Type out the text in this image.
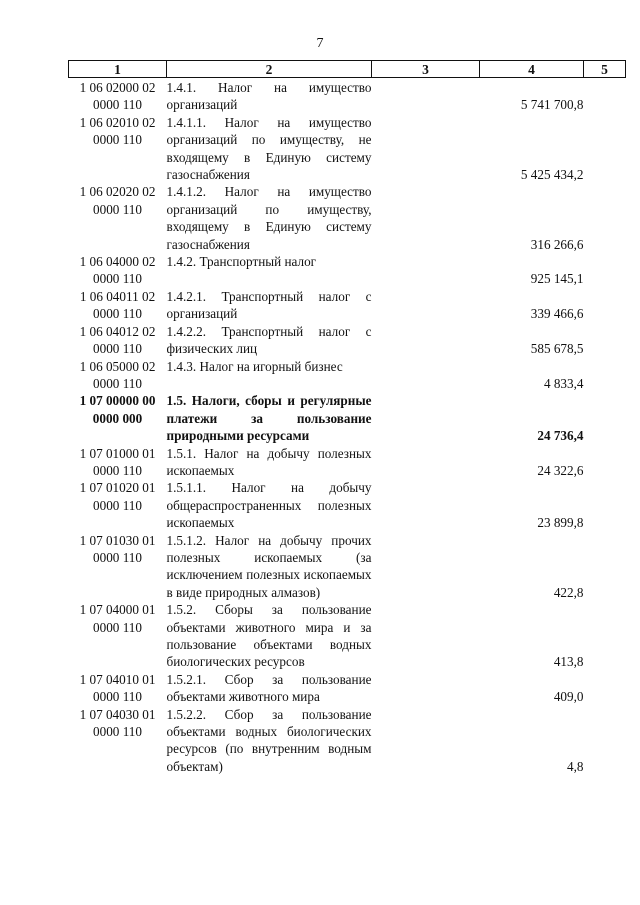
7
1	2	3	4	5
1 06 02000 02 0000 110	1.4.1. Налог на имущество организаций		5 741 700,8	
1 06 02010 02 0000 110	1.4.1.1. Налог на имущество организаций по имуществу, не входящему в Единую систему газоснабжения		5 425 434,2	
1 06 02020 02 0000 110	1.4.1.2. Налог на имущество организаций по имуществу, входящему в Единую систему газоснабжения		316 266,6	
1 06 04000 02 0000 110	1.4.2. Транспортный налог		925 145,1	
1 06 04011 02 0000 110	1.4.2.1. Транспортный налог с организаций		339 466,6	
1 06 04012 02 0000 110	1.4.2.2. Транспортный налог с физических лиц		585 678,5	
1 06 05000 02 0000 110	1.4.3. Налог на игорный бизнес		4 833,4	
1 07 00000 00 0000 000	1.5. Налоги, сборы и регулярные платежи за пользование природными ресурсами		24 736,4	
1 07 01000 01 0000 110	1.5.1. Налог на добычу полезных ископаемых		24 322,6	
1 07 01020 01 0000 110	1.5.1.1. Налог на добычу общераспространенных полезных ископаемых		23 899,8	
1 07 01030 01 0000 110	1.5.1.2. Налог на добычу прочих полезных ископаемых (за исключением полезных ископаемых в виде природных алмазов)		422,8	
1 07 04000 01 0000 110	1.5.2. Сборы за пользование объектами животного мира и за пользование объектами водных биологических ресурсов		413,8	
1 07 04010 01 0000 110	1.5.2.1. Сбор за пользование объектами животного мира		409,0	
1 07 04030 01 0000 110	1.5.2.2. Сбор за пользование объектами водных биологических ресурсов (по внутренним водным объектам)		4,8	
